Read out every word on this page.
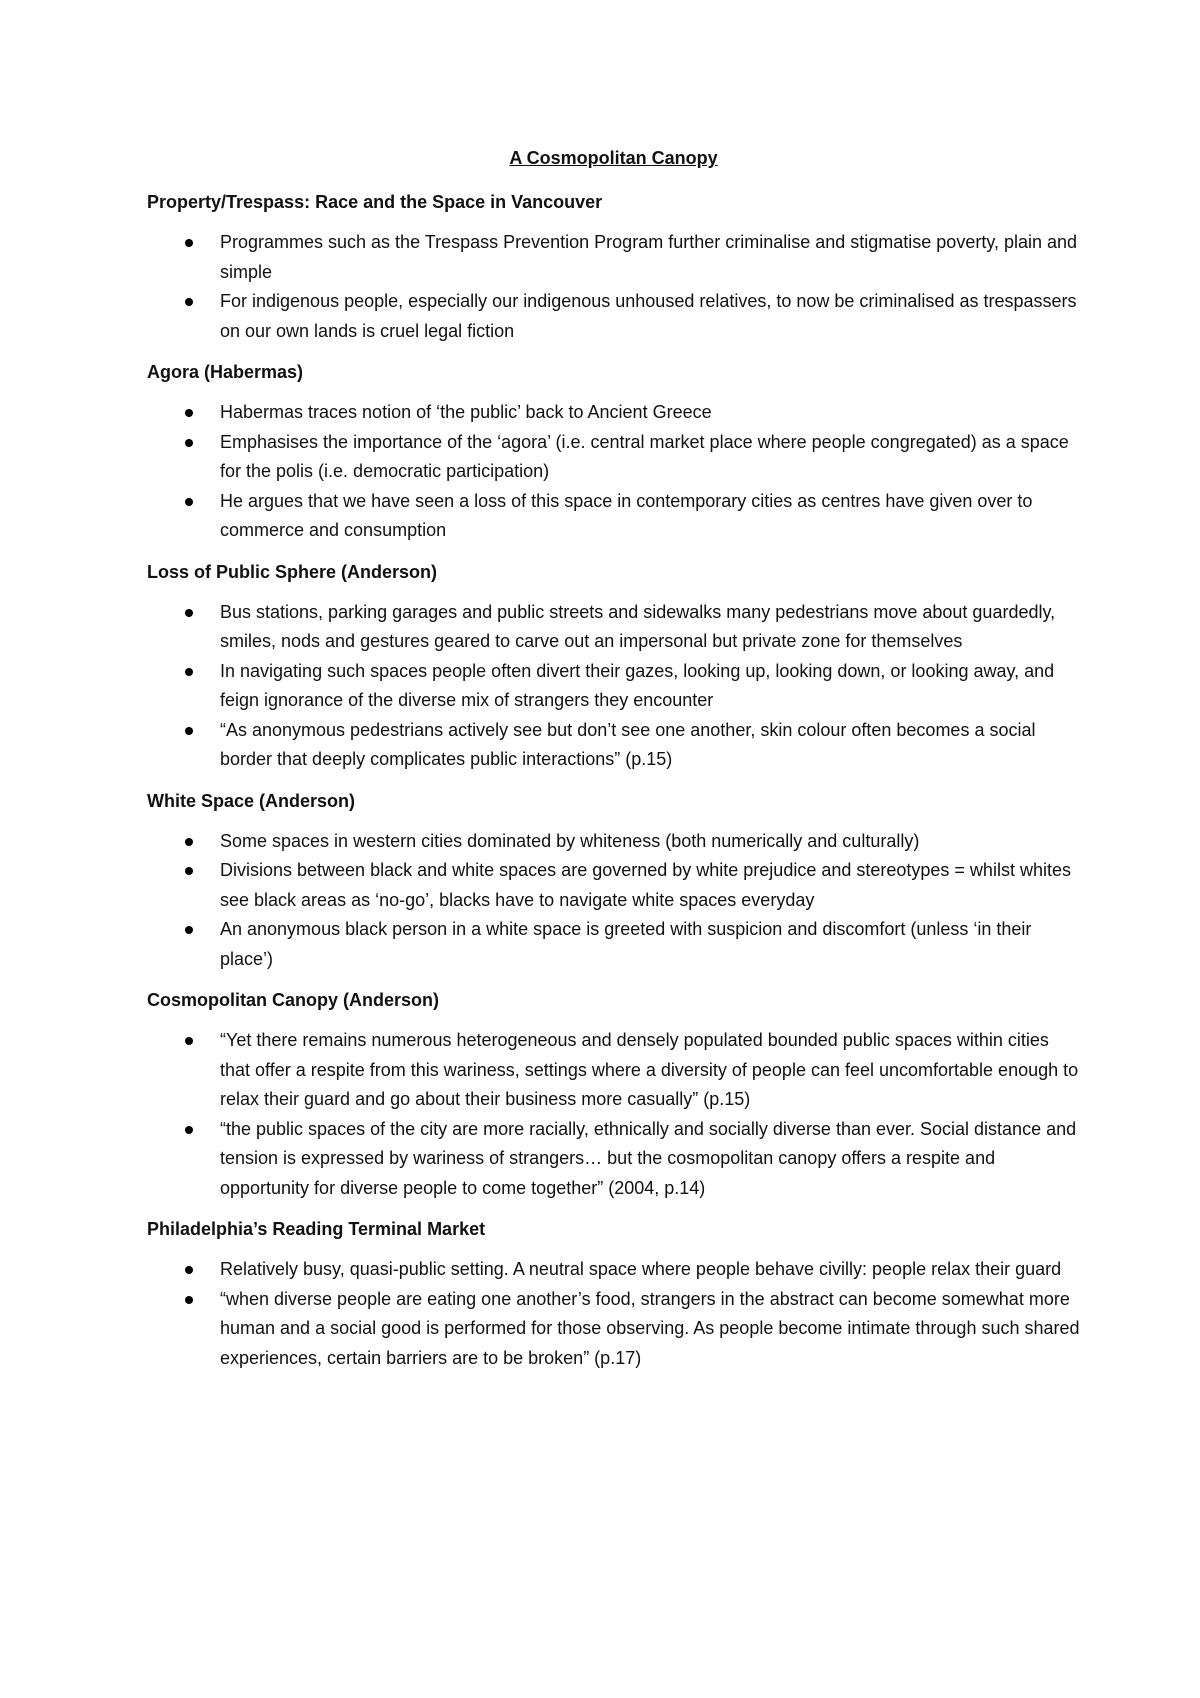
A Cosmopolitan Canopy
Property/Trespass: Race and the Space in Vancouver
Programmes such as the Trespass Prevention Program further criminalise and stigmatise poverty, plain and simple
For indigenous people, especially our indigenous unhoused relatives, to now be criminalised as trespassers on our own lands is cruel legal fiction
Agora (Habermas)
Habermas traces notion of ‘the public’ back to Ancient Greece
Emphasises the importance of the ‘agora’ (i.e. central market place where people congregated) as a space for the polis (i.e. democratic participation)
He argues that we have seen a loss of this space in contemporary cities as centres have given over to commerce and consumption
Loss of Public Sphere (Anderson)
Bus stations, parking garages and public streets and sidewalks many pedestrians move about guardedly, smiles, nods and gestures geared to carve out an impersonal but private zone for themselves
In navigating such spaces people often divert their gazes, looking up, looking down, or looking away, and feign ignorance of the diverse mix of strangers they encounter
“As anonymous pedestrians actively see but don’t see one another, skin colour often becomes a social border that deeply complicates public interactions” (p.15)
White Space (Anderson)
Some spaces in western cities dominated by whiteness (both numerically and culturally)
Divisions between black and white spaces are governed by white prejudice and stereotypes = whilst whites see black areas as ‘no-go’, blacks have to navigate white spaces everyday
An anonymous black person in a white space is greeted with suspicion and discomfort (unless ‘in their place’)
Cosmopolitan Canopy (Anderson)
“Yet there remains numerous heterogeneous and densely populated bounded public spaces within cities that offer a respite from this wariness, settings where a diversity of people can feel uncomfortable enough to relax their guard and go about their business more casually” (p.15)
“the public spaces of the city are more racially, ethnically and socially diverse than ever. Social distance and tension is expressed by wariness of strangers… but the cosmopolitan canopy offers a respite and opportunity for diverse people to come together” (2004, p.14)
Philadelphia’s Reading Terminal Market
Relatively busy, quasi-public setting. A neutral space where people behave civilly: people relax their guard
“when diverse people are eating one another’s food, strangers in the abstract can become somewhat more human and a social good is performed for those observing. As people become intimate through such shared experiences, certain barriers are to be broken” (p.17)
